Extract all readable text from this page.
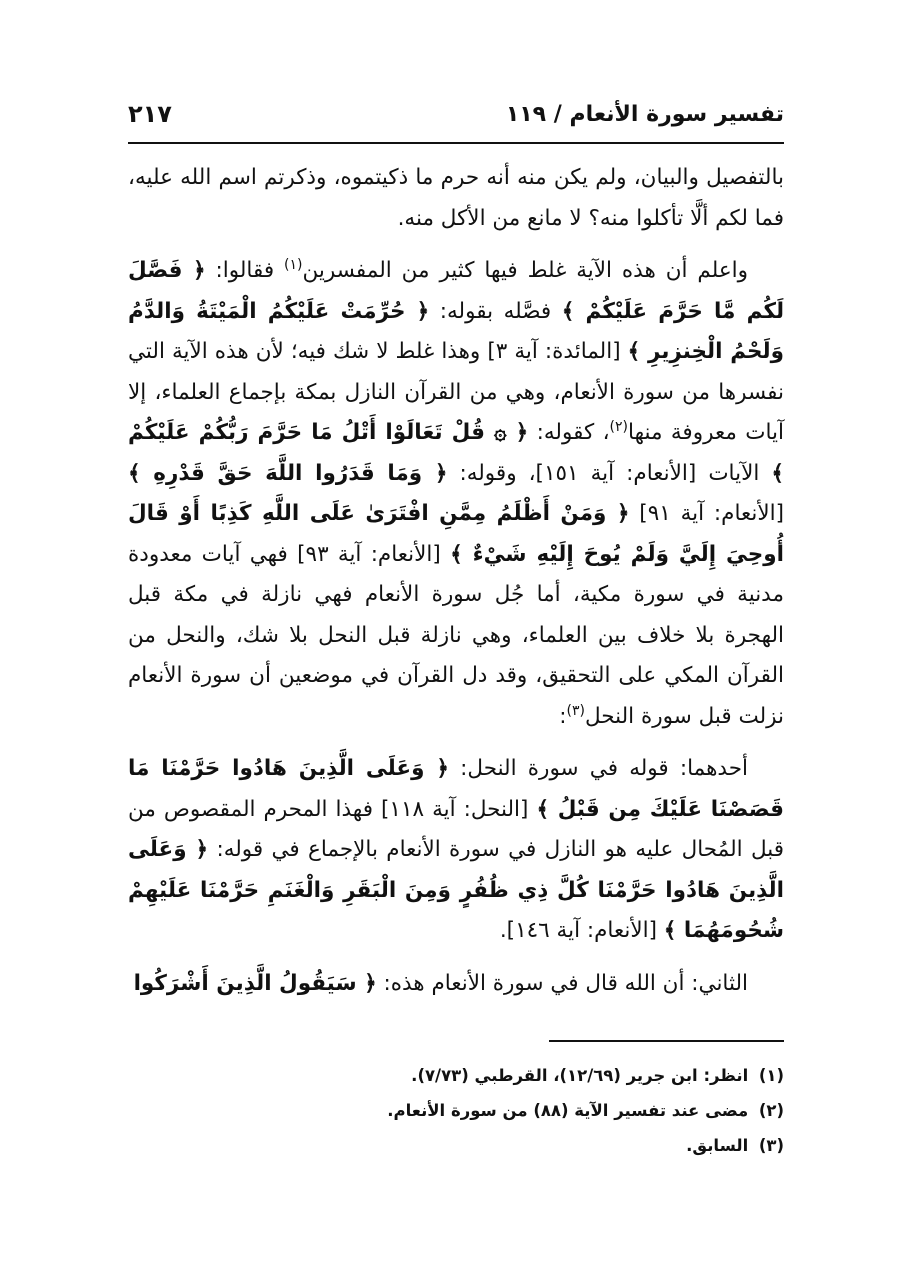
تفسير سورة الأنعام / ١١٩
٢١٧

بالتفصيل والبيان، ولم يكن منه أنه حرم ما ذكيتموه، وذكرتم اسم الله عليه، فما لكم ألَّا تأكلوا منه؟ لا مانع من الأكل منه.

واعلم أن هذه الآية غلط فيها كثير من المفسرين$^{(١)}$ فقالوا: ﴿ فَصَّلَ لَكُم مَّا حَرَّمَ عَلَيْكُمْ ﴾ فصَّله بقوله: ﴿ حُرِّمَتْ عَلَيْكُمُ الْمَيْتَةُ وَالدَّمُ وَلَحْمُ الْخِنزِيرِ ﴾ [المائدة: آية ٣] وهذا غلط لا شك فيه؛ لأن هذه الآية التي نفسرها من سورة الأنعام، وهي من القرآن النازل بمكة بإجماع العلماء، إلا آيات معروفة منها$^{(٢)}$، كقوله: ﴿ ۞ قُلْ تَعَالَوْا أَتْلُ مَا حَرَّمَ رَبُّكُمْ عَلَيْكُمْ ﴾ الآيات [الأنعام: آية ١٥١]، وقوله: ﴿ وَمَا قَدَرُوا اللَّهَ حَقَّ قَدْرِهِ ﴾ [الأنعام: آية ٩١] ﴿ وَمَنْ أَظْلَمُ مِمَّنِ افْتَرَىٰ عَلَى اللَّهِ كَذِبًا أَوْ قَالَ أُوحِيَ إِلَيَّ وَلَمْ يُوحَ إِلَيْهِ شَيْءٌ ﴾ [الأنعام: آية ٩٣] فهي آيات معدودة مدنية في سورة مكية، أما جُل سورة الأنعام فهي نازلة في مكة قبل الهجرة بلا خلاف بين العلماء، وهي نازلة قبل النحل بلا شك، والنحل من القرآن المكي على التحقيق، وقد دل القرآن في موضعين أن سورة الأنعام نزلت قبل سورة النحل$^{(٣)}$:

أحدهما: قوله في سورة النحل: ﴿ وَعَلَى الَّذِينَ هَادُوا حَرَّمْنَا مَا قَصَصْنَا عَلَيْكَ مِن قَبْلُ ﴾ [النحل: آية ١١٨] فهذا المحرم المقصوص من قبل المُحال عليه هو النازل في سورة الأنعام بالإجماع في قوله: ﴿ وَعَلَى الَّذِينَ هَادُوا حَرَّمْنَا كُلَّ ذِي ظُفُرٍ وَمِنَ الْبَقَرِ وَالْغَنَمِ حَرَّمْنَا عَلَيْهِمْ شُحُومَهُمَا ﴾ [الأنعام: آية ١٤٦].

الثاني: أن الله قال في سورة الأنعام هذه: ﴿ سَيَقُولُ الَّذِينَ أَشْرَكُوا

(١) انظر: ابن جرير (١٢/٦٩)، القرطبي (٧/٧٣).
(٢) مضى عند تفسير الآية (٨٨) من سورة الأنعام.
(٣) السابق.
